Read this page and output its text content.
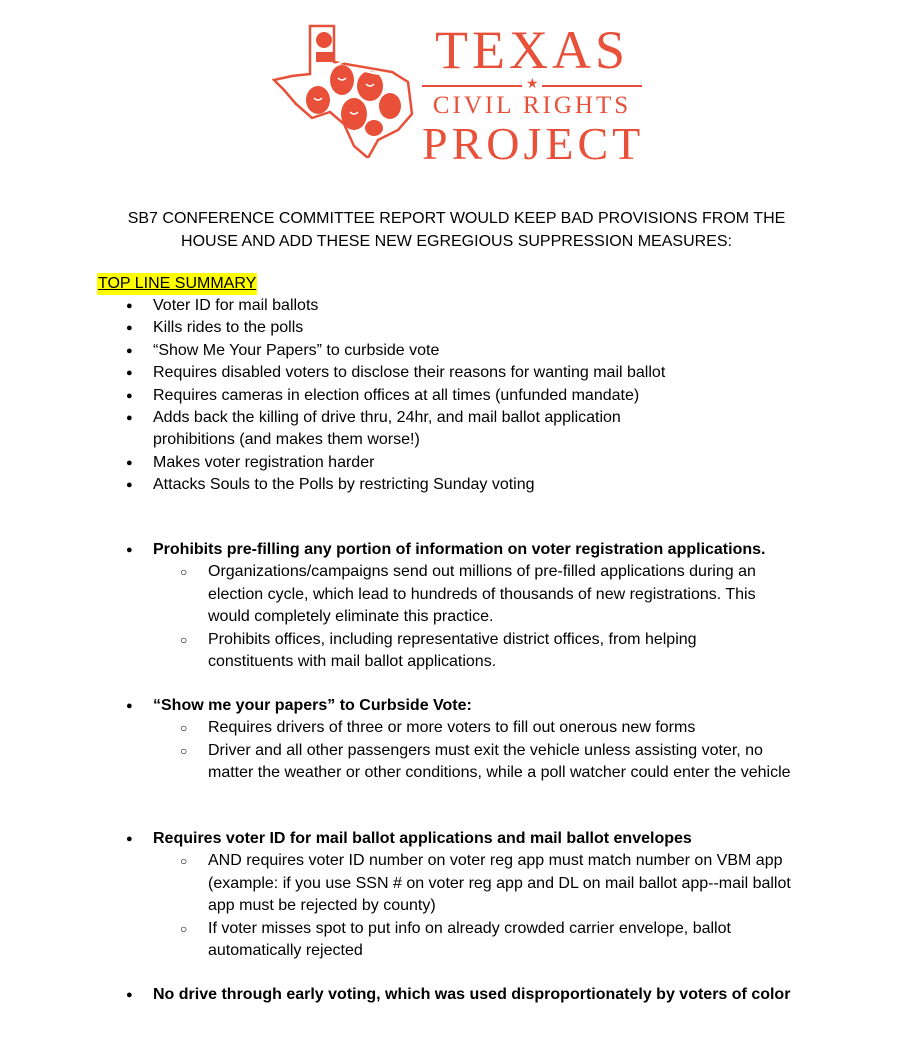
TEXAS
★
CIVIL RIGHTS
PROJECT
SB7 CONFERENCE COMMITTEE REPORT WOULD KEEP BAD PROVISIONS FROM THE
HOUSE AND ADD THESE NEW EGREGIOUS SUPPRESSION MEASURES:
TOP LINE SUMMARY
● Voter ID for mail ballots
● Kills rides to the polls
● “Show Me Your Papers” to curbside vote
● Requires disabled voters to disclose their reasons for wanting mail ballot
● Requires cameras in election offices at all times (unfunded mandate)
● Adds back the killing of drive thru, 24hr, and mail ballot application prohibitions (and makes them worse!)
● Makes voter registration harder
● Attacks Souls to the Polls by restricting Sunday voting
● Prohibits pre-filling any portion of information on voter registration applications.
○ Organizations/campaigns send out millions of pre-filled applications during an election cycle, which lead to hundreds of thousands of new registrations. This would completely eliminate this practice.
○ Prohibits offices, including representative district offices, from helping constituents with mail ballot applications.
● “Show me your papers” to Curbside Vote:
○ Requires drivers of three or more voters to fill out onerous new forms
○ Driver and all other passengers must exit the vehicle unless assisting voter, no matter the weather or other conditions, while a poll watcher could enter the vehicle
● Requires voter ID for mail ballot applications and mail ballot envelopes
○ AND requires voter ID number on voter reg app must match number on VBM app (example: if you use SSN # on voter reg app and DL on mail ballot app--mail ballot app must be rejected by county)
○ If voter misses spot to put info on already crowded carrier envelope, ballot automatically rejected
● No drive through early voting, which was used disproportionately by voters of color
